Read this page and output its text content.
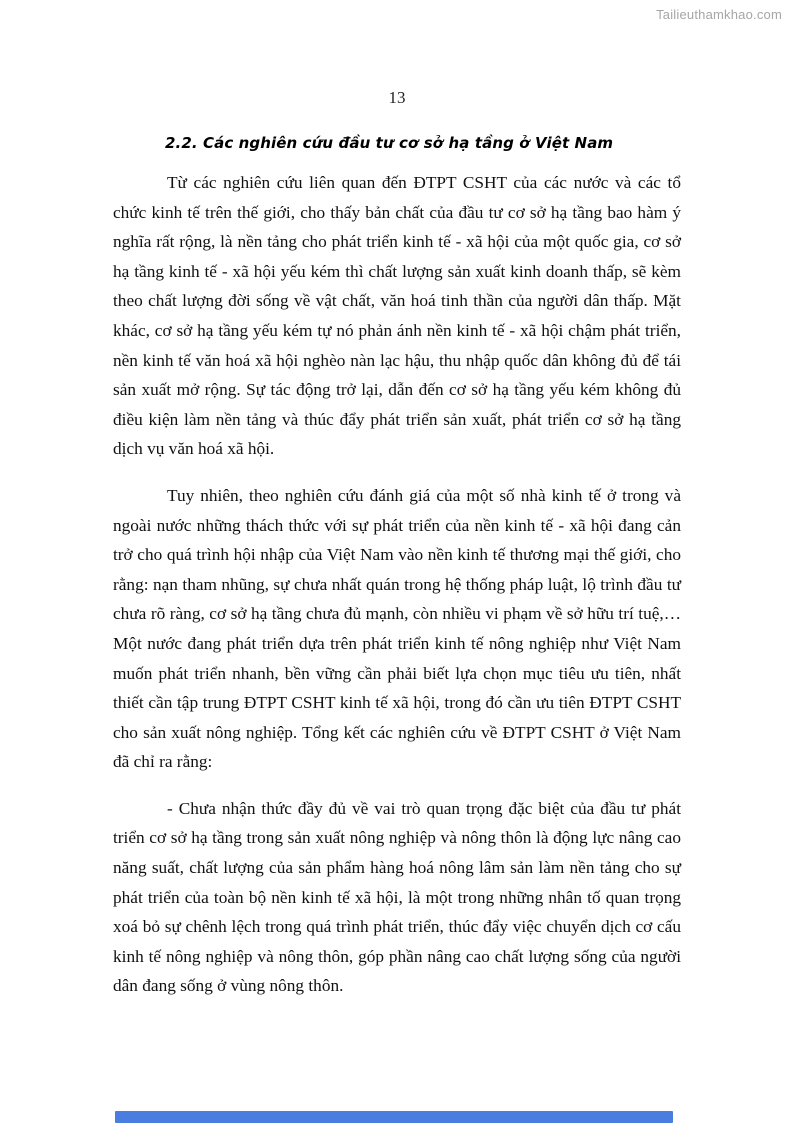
Tailieuthamkhao.com
13
2.2. Các nghiên cứu đầu tư cơ sở hạ tầng ở Việt Nam

Từ các nghiên cứu liên quan đến ĐTPT CSHT của các nước và các tổ chức kinh tế trên thế giới, cho thấy bản chất của đầu tư cơ sở hạ tầng bao hàm ý nghĩa rất rộng, là nền tảng cho phát triển kinh tế - xã hội của một quốc gia, cơ sở hạ tầng kinh tế - xã hội yếu kém thì chất lượng sản xuất kinh doanh thấp, sẽ kèm theo chất lượng đời sống về vật chất, văn hoá tinh thần của người dân thấp. Mặt khác, cơ sở hạ tầng yếu kém tự nó phản ánh nền kinh tế - xã hội chậm phát triển, nền kinh tế văn hoá xã hội nghèo nàn lạc hậu, thu nhập quốc dân không đủ để tái sản xuất mở rộng. Sự tác động trở lại, dẫn đến cơ sở hạ tầng yếu kém không đủ điều kiện làm nền tảng và thúc đẩy phát triển sản xuất, phát triển cơ sở hạ tầng dịch vụ văn hoá xã hội.

Tuy nhiên, theo nghiên cứu đánh giá của một số nhà kinh tế ở trong và ngoài nước những thách thức với sự phát triển của nền kinh tế - xã hội đang cản trở cho quá trình hội nhập của Việt Nam vào nền kinh tế thương mại thế giới, cho rằng: nạn tham nhũng, sự chưa nhất quán trong hệ thống pháp luật, lộ trình đầu tư chưa rõ ràng, cơ sở hạ tầng chưa đủ mạnh, còn nhiều vi phạm về sở hữu trí tuệ,…Một nước đang phát triển dựa trên phát triển kinh tế nông nghiệp như Việt Nam muốn phát triển nhanh, bền vững cần phải biết lựa chọn mục tiêu ưu tiên, nhất thiết cần tập trung ĐTPT CSHT kinh tế xã hội, trong đó cần ưu tiên ĐTPT CSHT cho sản xuất nông nghiệp. Tổng kết các nghiên cứu về ĐTPT CSHT ở Việt Nam đã chỉ ra rằng:

- Chưa nhận thức đầy đủ về vai trò quan trọng đặc biệt của đầu tư phát triển cơ sở hạ tầng trong sản xuất nông nghiệp và nông thôn là động lực nâng cao năng suất, chất lượng của sản phẩm hàng hoá nông lâm sản làm nền tảng cho sự phát triển của toàn bộ nền kinh tế xã hội, là một trong những nhân tố quan trọng xoá bỏ sự chênh lệch trong quá trình phát triển, thúc đẩy việc chuyển dịch cơ cấu kinh tế nông nghiệp và nông thôn, góp phần nâng cao chất lượng sống của người dân đang sống ở vùng nông thôn.
